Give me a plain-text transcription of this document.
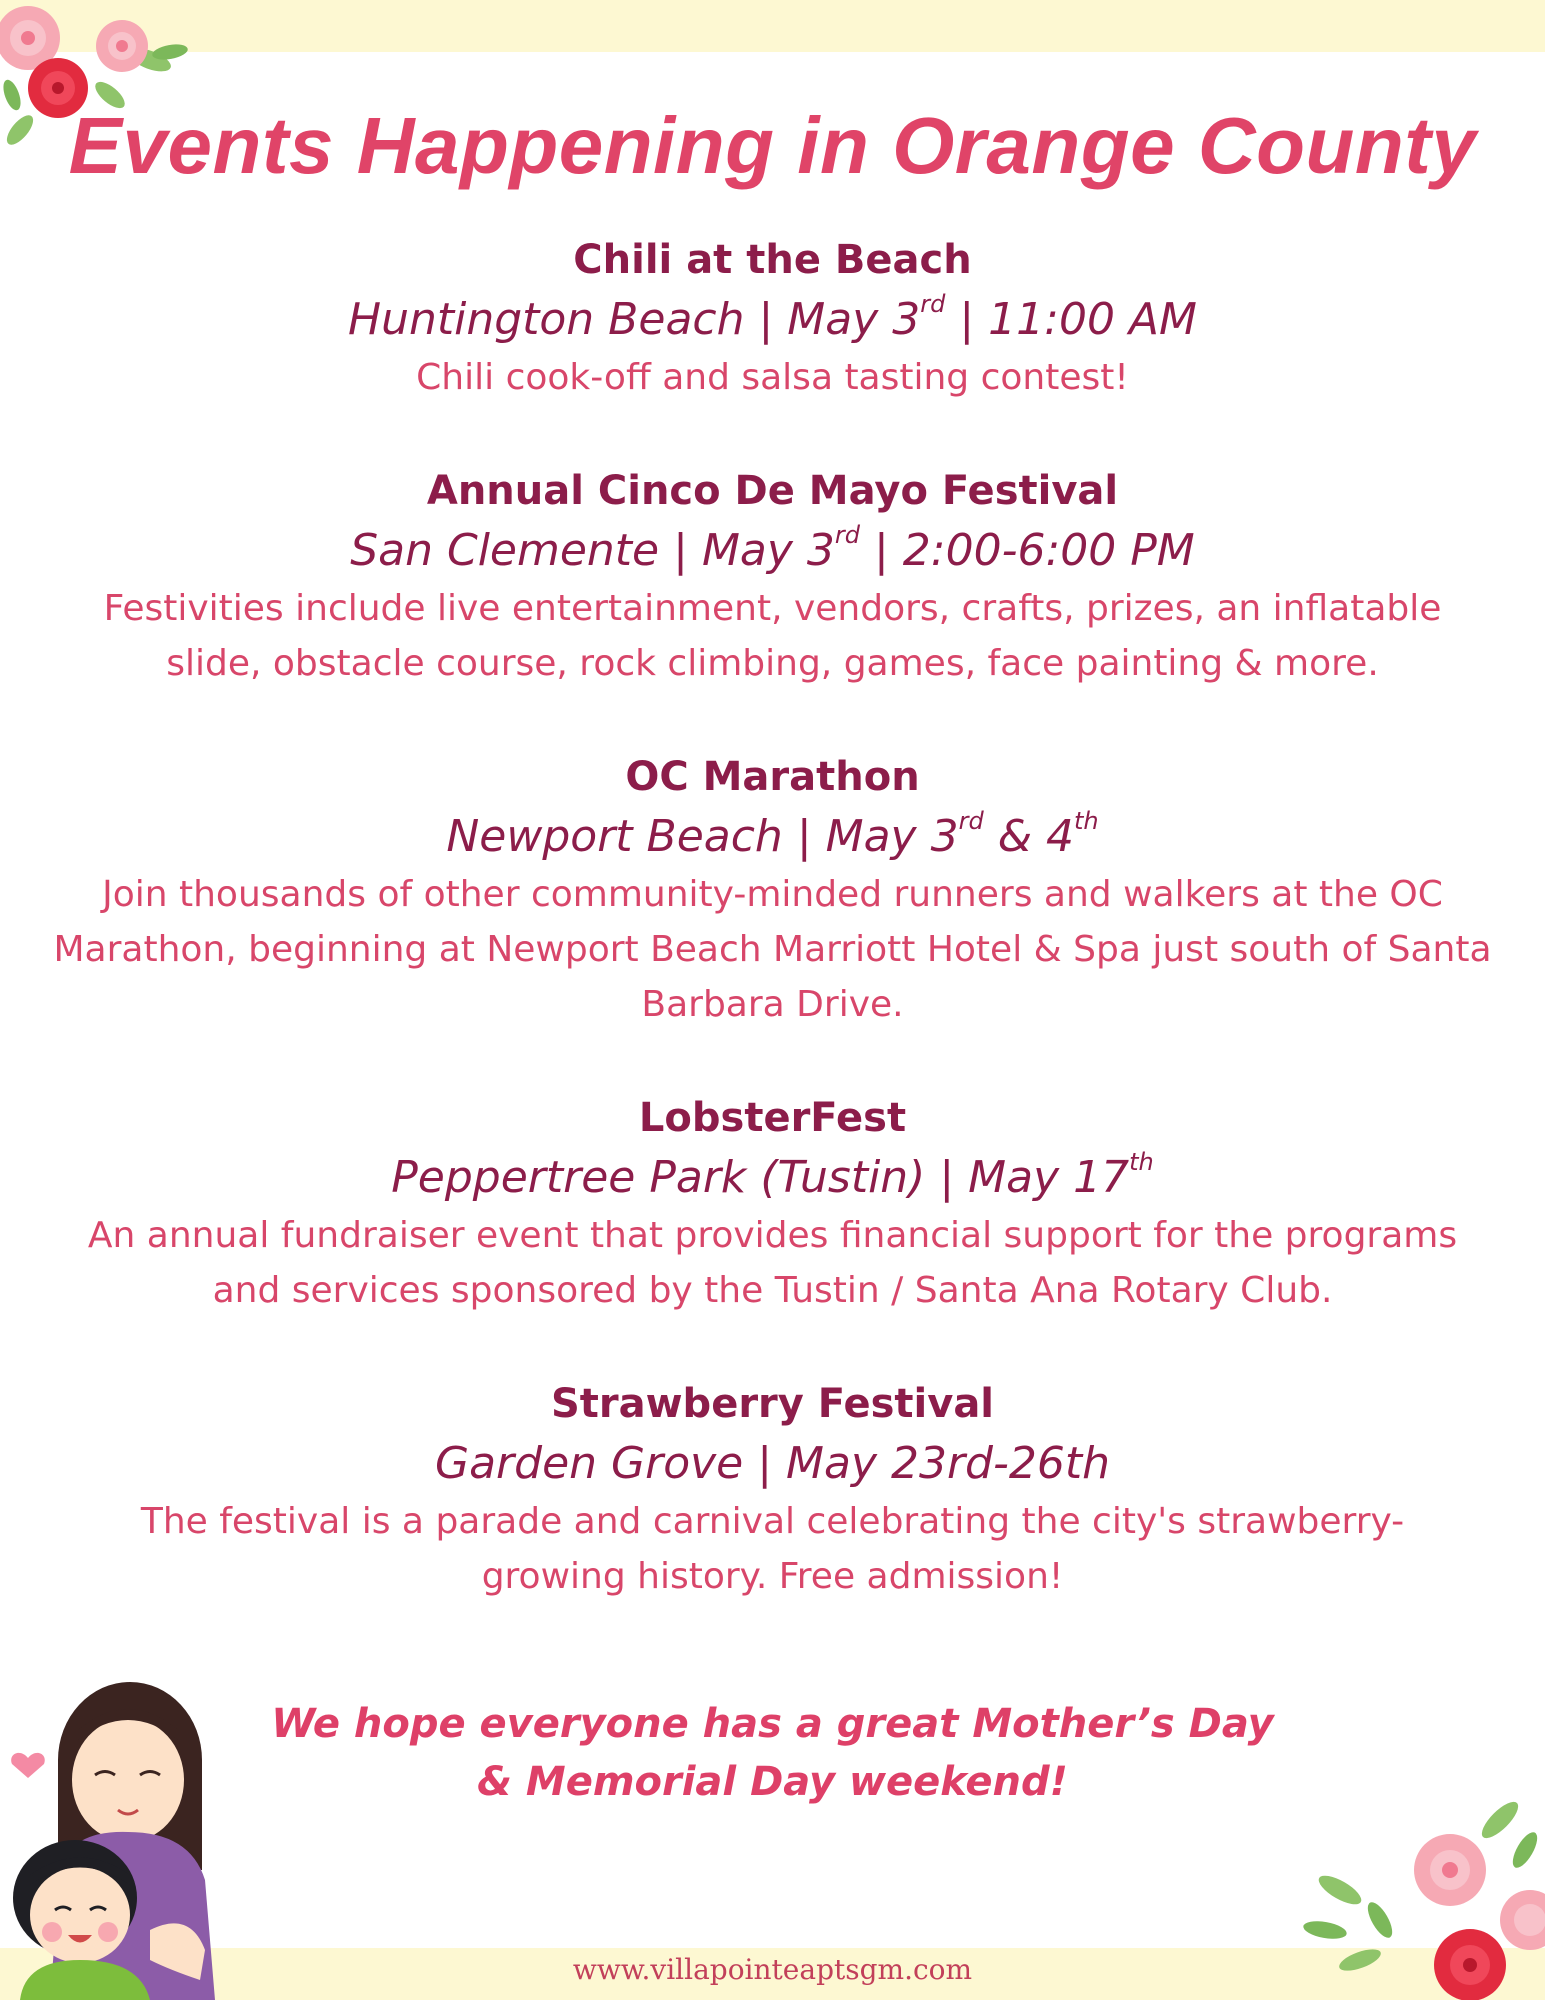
Events Happening in Orange County
Chili at the Beach
Huntington Beach | May 3rd | 11:00 AM
Chili cook-off and salsa tasting contest!
Annual Cinco De Mayo Festival
San Clemente | May 3rd | 2:00-6:00 PM
Festivities include live entertainment, vendors, crafts, prizes, an inflatable slide, obstacle course, rock climbing, games, face painting & more.
OC Marathon
Newport Beach | May 3rd & 4th
Join thousands of other community-minded runners and walkers at the OC Marathon, beginning at Newport Beach Marriott Hotel & Spa just south of Santa Barbara Drive.
LobsterFest
Peppertree Park (Tustin) | May 17th
An annual fundraiser event that provides financial support for the programs and services sponsored by the Tustin / Santa Ana Rotary Club.
Strawberry Festival
Garden Grove | May 23rd-26th
The festival is a parade and carnival celebrating the city's strawberry-growing history. Free admission!
We hope everyone has a great Mother’s Day
& Memorial Day weekend!
www.villapointeaptsgm.com
